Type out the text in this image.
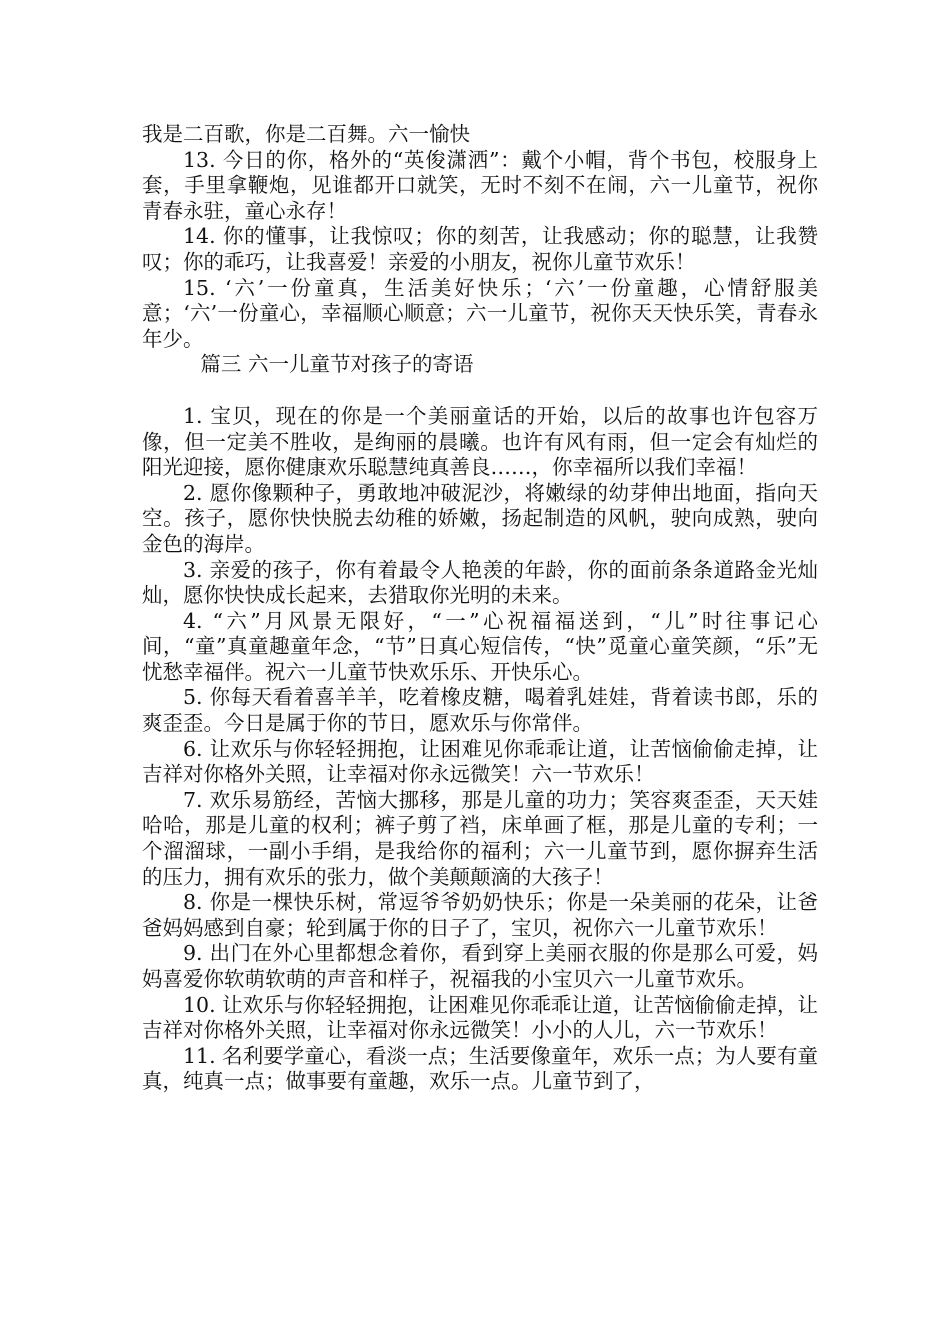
我是二百歌，你是二百舞。六一愉快

13. 今日的你，格外的“英俊潇洒”：戴个小帽，背个书包，校服身上套，手里拿鞭炮，见谁都开口就笑，无时不刻不在闹，六一儿童节，祝你青春永驻，童心永存！

14. 你的懂事，让我惊叹；你的刻苦，让我感动；你的聪慧，让我赞叹；你的乖巧，让我喜爱！亲爱的小朋友，祝你儿童节欢乐！

15. ‘六’一份童真，生活美好快乐；‘六’一份童趣，心情舒服美意；‘六’一份童心，幸福顺心顺意；六一儿童节，祝你天天快乐笑，青春永年少。

篇三 六一儿童节对孩子的寄语

1. 宝贝，现在的你是一个美丽童话的开始，以后的故事也许包容万像，但一定美不胜收，是绚丽的晨曦。也许有风有雨，但一定会有灿烂的阳光迎接，愿你健康欢乐聪慧纯真善良……，你幸福所以我们幸福！

2. 愿你像颗种子，勇敢地冲破泥沙，将嫩绿的幼芽伸出地面，指向天空。孩子，愿你快快脱去幼稚的娇嫩，扬起制造的风帆，驶向成熟，驶向金色的海岸。

3. 亲爱的孩子，你有着最令人艳羡的年龄，你的面前条条道路金光灿灿，愿你快快成长起来，去猎取你光明的未来。

4. “六”月风景无限好，“一”心祝福福送到，“儿”时往事记心间，“童”真童趣童年念，“节”日真心短信传，“快”觅童心童笑颜，“乐”无忧愁幸福伴。祝六一儿童节快欢乐乐、开快乐心。

5. 你每天看着喜羊羊，吃着橡皮糖，喝着乳娃娃，背着读书郎，乐的爽歪歪。今日是属于你的节日，愿欢乐与你常伴。

6. 让欢乐与你轻轻拥抱，让困难见你乖乖让道，让苦恼偷偷走掉，让吉祥对你格外关照，让幸福对你永远微笑！六一节欢乐！

7. 欢乐易筋经，苦恼大挪移，那是儿童的功力；笑容爽歪歪，天天娃哈哈，那是儿童的权利；裤子剪了裆，床单画了框，那是儿童的专利；一个溜溜球，一副小手绢，是我给你的福利；六一儿童节到，愿你摒弃生活的压力，拥有欢乐的张力，做个美颠颠滴的大孩子！

8. 你是一棵快乐树，常逗爷爷奶奶快乐；你是一朵美丽的花朵，让爸爸妈妈感到自豪；轮到属于你的日子了，宝贝，祝你六一儿童节欢乐！

9. 出门在外心里都想念着你，看到穿上美丽衣服的你是那么可爱，妈妈喜爱你软萌软萌的声音和样子，祝福我的小宝贝六一儿童节欢乐。

10. 让欢乐与你轻轻拥抱，让困难见你乖乖让道，让苦恼偷偷走掉，让吉祥对你格外关照，让幸福对你永远微笑！小小的人儿，六一节欢乐！

11. 名利要学童心，看淡一点；生活要像童年，欢乐一点；为人要有童真，纯真一点；做事要有童趣，欢乐一点。儿童节到了，
